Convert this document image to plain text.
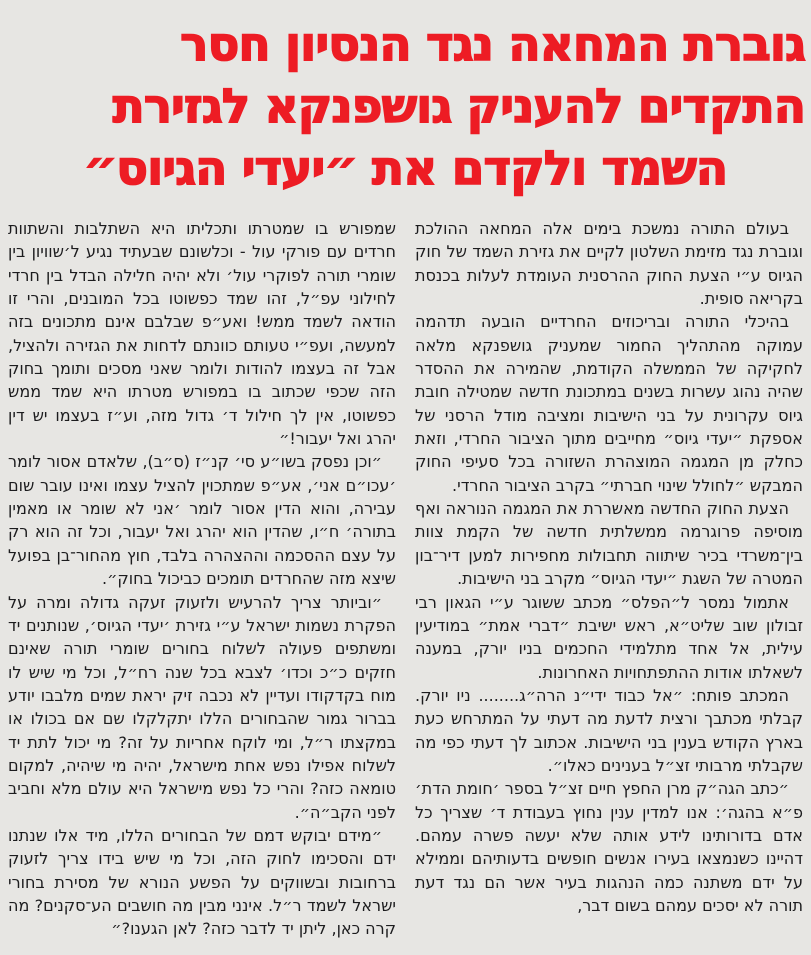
גוברת המחאה נגד הנסיון חסר
התקדים להעניק גושפנקא לגזירת
השמד ולקדם את ״יעדי הגיוס״

בעולם התורה נמשכת בימים אלה המחאה ההולכת וגוברת נגד מזימת השלטון לקיים את גזירת השמד של חוק הגיוס ע״י הצעת החוק ההרסנית העומדת לעלות בכנסת בקריאה סופית.

בהיכלי התורה ובריכוזים החרדיים הובעה תדהמה עמוקה מהתהליך החמור שמעניק גושפנקא מלאה לחקיקה של הממשלה הקודמת, שהמירה את ההסדר שהיה נהוג עשרות בשנים במתכונת חדשה שמטילה חובת גיוס עקרונית על בני הישיבות ומציבה מודל הרסני של אספקת ״יעדי גיוס״ מחייבים מתוך הציבור החרדי, וזאת כחלק מן המגמה המוצהרת השזורה בכל סעיפי החוק המבקש ״לחולל שינוי חברתי״ בקרב הציבור החרדי.

הצעת החוק החדשה מאשררת את המגמה הנוראה ואף מוסיפה פרוגרמה ממשלתית חדשה של הקמת צוות בין־משרדי בכיר שיתווה תחבולות מחפירות למען דיר־בון המטרה של השגת ״יעדי הגיוס״ מקרב בני הישיבות.

אתמול נמסר ל״הפלס״ מכתב ששוגר ע״י הגאון רבי זבולון שוב שליט״א, ראש ישיבת ״דברי אמת״ במודיעין עילית, אל אחד מתלמידי החכמים בניו יורק, במענה לשאלתו אודות ההתפתחויות האחרונות.

המכתב פותח: ״אל כבוד ידי״נ הרה״ג........ ניו יורק. קבלתי מכתבך ורצית לדעת מה דעתי על המתרחש כעת בארץ הקודש בענין בני הישיבות. אכתוב לך דעתי כפי מה שקבלתי מרבותי זצ״ל בענינים כאלו״.

״כתב הגה״ק מרן החפץ חיים זצ״ל בספר ׳חומת הדת׳ פ״א בהגה׳: אנו למדין ענין נחוץ בעבודת ד׳ שצריך כל אדם בדורותינו לידע אותה שלא יעשה פשרה עמהם. דהיינו כשנמצאו בעירו אנשים חופשים בדעותיהם וממילא על ידם משתנה כמה הנהגות בעיר אשר הם נגד דעת תורה לא יסכים עמהם בשום דבר,

שמפורש בו שמטרתו ותכליתו היא השתלבות והשתוות חרדים עם פורקי עול - וכלשונם שבעתיד נגיע ל׳שוויון בין שומרי תורה לפוקרי עול׳ ולא יהיה חלילה הבדל בין חרדי לחילוני עפ״ל, זהו שמד כפשוטו בכל המובנים, והרי זו הודאה לשמד ממש! ואע״פ שבלבם אינם מתכונים בזה למעשה, ועפ״י טעותם כוונתם לדחות את הגזירה ולהציל, אבל זה בעצמו להודות ולומר שאני מסכים ותומך בחוק הזה שכפי שכתוב בו במפורש מטרתו היא שמד ממש כפשוטו, אין לך חילול ד׳ גדול מזה, וע״ז בעצמו יש דין יהרג ואל יעבור!״

״וכן נפסק בשו״ע סי׳ קנ״ז (ס״ב), שלאדם אסור לומר ׳עכו״ם אני׳, אע״פ שמתכוין להציל עצמו ואינו עובר שום עבירה, והוא הדין אסור לומר ׳אני לא שומר או מאמין בתורה׳ ח״ו, שהדין הוא יהרג ואל יעבור, וכל זה הוא רק על עצם ההסכמה וההצהרה בלבד, חוץ מהחור־בן בפועל שיצא מזה שהחרדים תומכים כביכול בחוק״.

״וביותר צריך להרעיש ולזעוק זעקה גדולה ומרה על הפקרת נשמות ישראל ע״י גזירת ׳יעדי הגיוס׳, שנותנים יד ומשתפים פעולה לשלוח בחורים שומרי תורה שאינם חזקים כ״כ וכדו׳ לצבא בכל שנה רח״ל, וכל מי שיש לו מוח בקדקודו ועדיין לא נכבה זיק יראת שמים מלבבו יודע בברור גמור שהבחורים הללו יתקלקלו שם אם בכולו או במקצתו ר״ל, ומי לוקח אחריות על זה? מי יכול לתת יד לשלוח אפילו נפש אחת מישראל, יהיה מי שיהיה, למקום טומאה כזה? והרי כל נפש מישראל היא עולם מלא וחביב לפני הקב״ה״.

״מידם יבוקש דמם של הבחורים הללו, מיד אלו שנתנו ידם והסכימו לחוק הזה, וכל מי שיש בידו צריך לזעוק ברחובות ובשווקים על הפשע הנורא של מסירת בחורי ישראל לשמד ר״ל. אינני מבין מה חושבים הע־סקנים? מה קרה כאן, ליתן יד לדבר כזה? לאן הגענו?״
